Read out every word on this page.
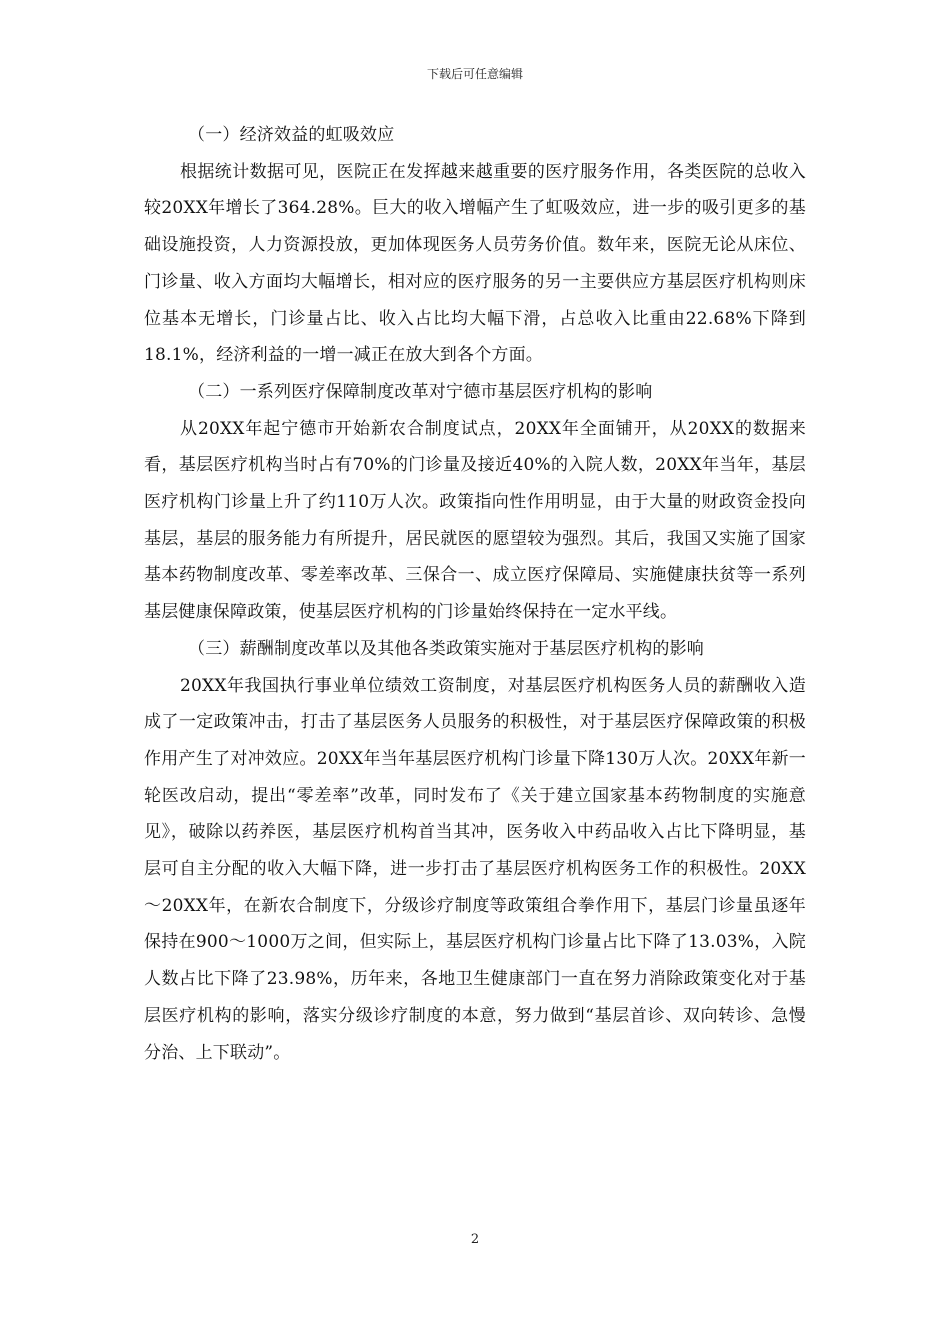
下载后可任意编辑
（一）经济效益的虹吸效应

根据统计数据可见，医院正在发挥越来越重要的医疗服务作用，各类医院的总收入较20XX年增长了364.28%。巨大的收入增幅产生了虹吸效应，进一步的吸引更多的基础设施投资，人力资源投放，更加体现医务人员劳务价值。数年来，医院无论从床位、门诊量、收入方面均大幅增长，相对应的医疗服务的另一主要供应方基层医疗机构则床位基本无增长，门诊量占比、收入占比均大幅下滑，占总收入比重由22.68%下降到18.1%，经济利益的一增一减正在放大到各个方面。

（二）一系列医疗保障制度改革对宁德市基层医疗机构的影响

从20XX年起宁德市开始新农合制度试点，20XX年全面铺开，从20XX的数据来看，基层医疗机构当时占有70%的门诊量及接近40%的入院人数，20XX年当年，基层医疗机构门诊量上升了约110万人次。政策指向性作用明显，由于大量的财政资金投向基层，基层的服务能力有所提升，居民就医的愿望较为强烈。其后，我国又实施了国家基本药物制度改革、零差率改革、三保合一、成立医疗保障局、实施健康扶贫等一系列基层健康保障政策，使基层医疗机构的门诊量始终保持在一定水平线。

（三）薪酬制度改革以及其他各类政策实施对于基层医疗机构的影响

20XX年我国执行事业单位绩效工资制度，对基层医疗机构医务人员的薪酬收入造成了一定政策冲击，打击了基层医务人员服务的积极性，对于基层医疗保障政策的积极作用产生了对冲效应。20XX年当年基层医疗机构门诊量下降130万人次。20XX年新一轮医改启动，提出“零差率”改革，同时发布了《关于建立国家基本药物制度的实施意见》，破除以药养医，基层医疗机构首当其冲，医务收入中药品收入占比下降明显，基层可自主分配的收入大幅下降，进一步打击了基层医疗机构医务工作的积极性。20XX～20XX年，在新农合制度下，分级诊疗制度等政策组合拳作用下，基层门诊量虽逐年保持在900～1000万之间，但实际上，基层医疗机构门诊量占比下降了13.03%，入院人数占比下降了23.98%，历年来，各地卫生健康部门一直在努力消除政策变化对于基层医疗机构的影响，落实分级诊疗制度的本意，努力做到“基层首诊、双向转诊、急慢分治、上下联动”。

2
